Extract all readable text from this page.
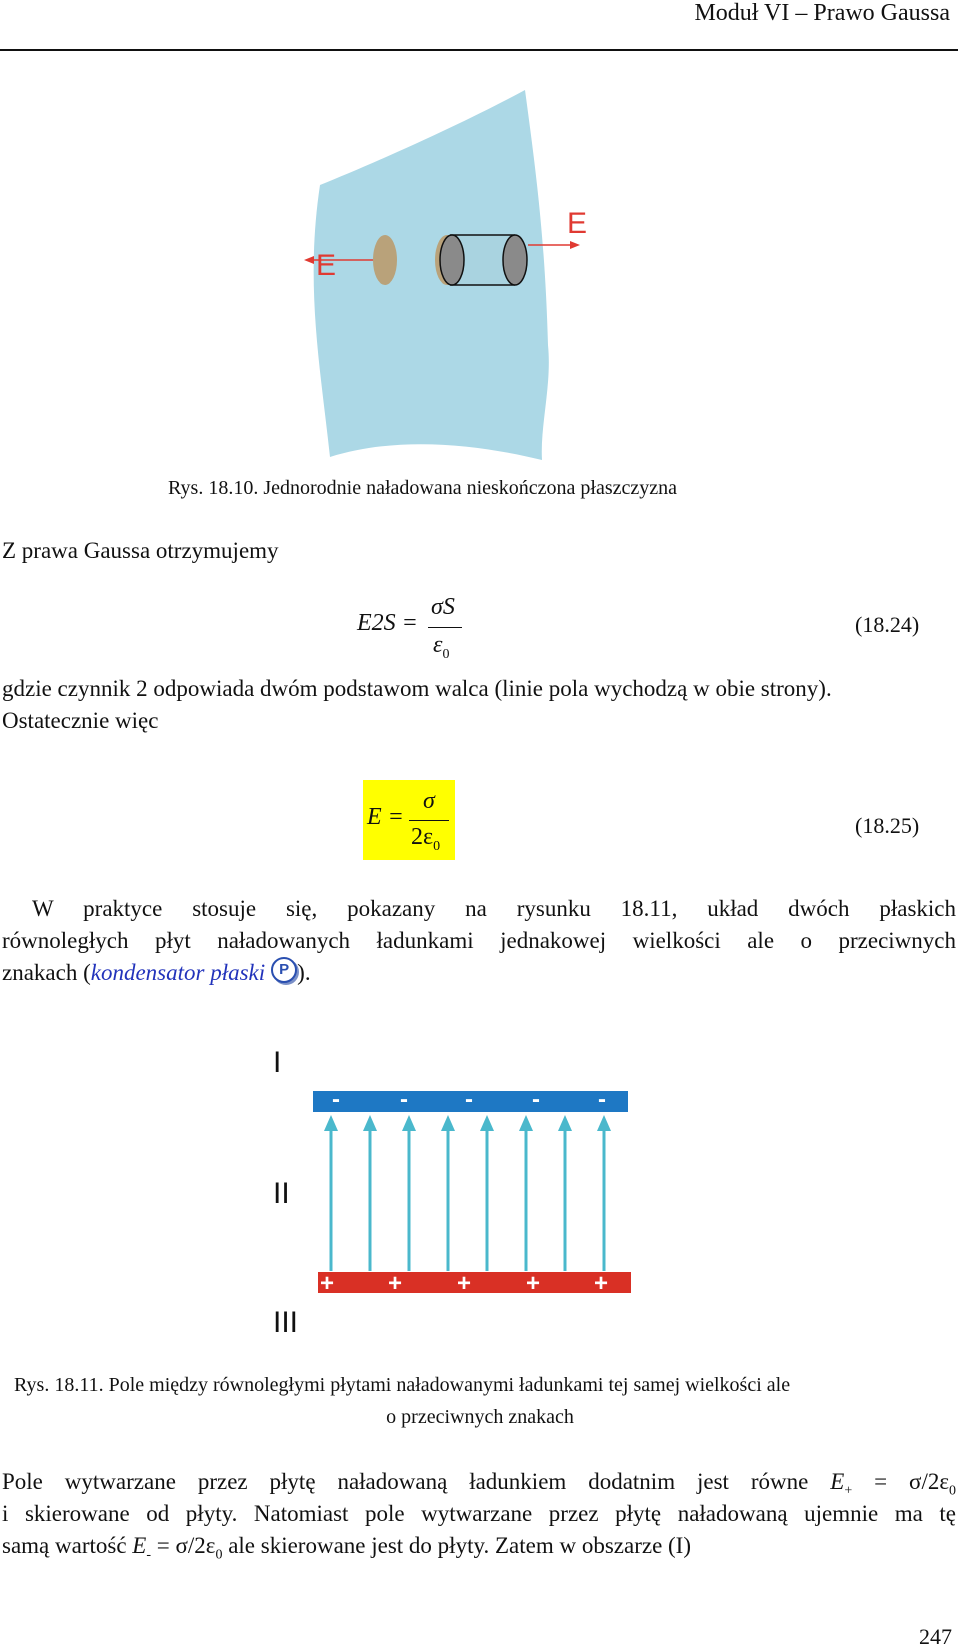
Moduł VI – Prawo Gaussa
E
E
Rys. 18.10. Jednorodnie naładowana nieskończona płaszczyzna
Z prawa Gaussa otrzymujemy
E2S =
σS
$\varepsilon_0$
(18.24)
gdzie czynnik 2 odpowiada dwóm podstawom walca (linie pola wychodzą w obie strony).
Ostatecznie więc
E =
σ
$2\varepsilon_0$
(18.25)
W praktyce stosuje się, pokazany na rysunku 18.11, układ dwóch płaskich
równoległych płyt naładowanych ładunkami jednakowej wielkości ale o przeciwnych
znakach (kondensator płaski P ).
I
II
III
-	- - - -
+ + + + +
Rys. 18.11. Pole między równoległymi płytami naładowanymi ładunkami tej samej wielkości ale
o przeciwnych znakach
Pole wytwarzane przez płytę naładowaną ładunkiem dodatnim jest równe $E_+ = \sigma/2\varepsilon_0$
i skierowane od płyty. Natomiast pole wytwarzane przez płytę naładowaną ujemnie ma tę
samą wartość $E_- = \sigma/2\varepsilon_0$ ale skierowane jest do płyty. Zatem w obszarze (I)
247
